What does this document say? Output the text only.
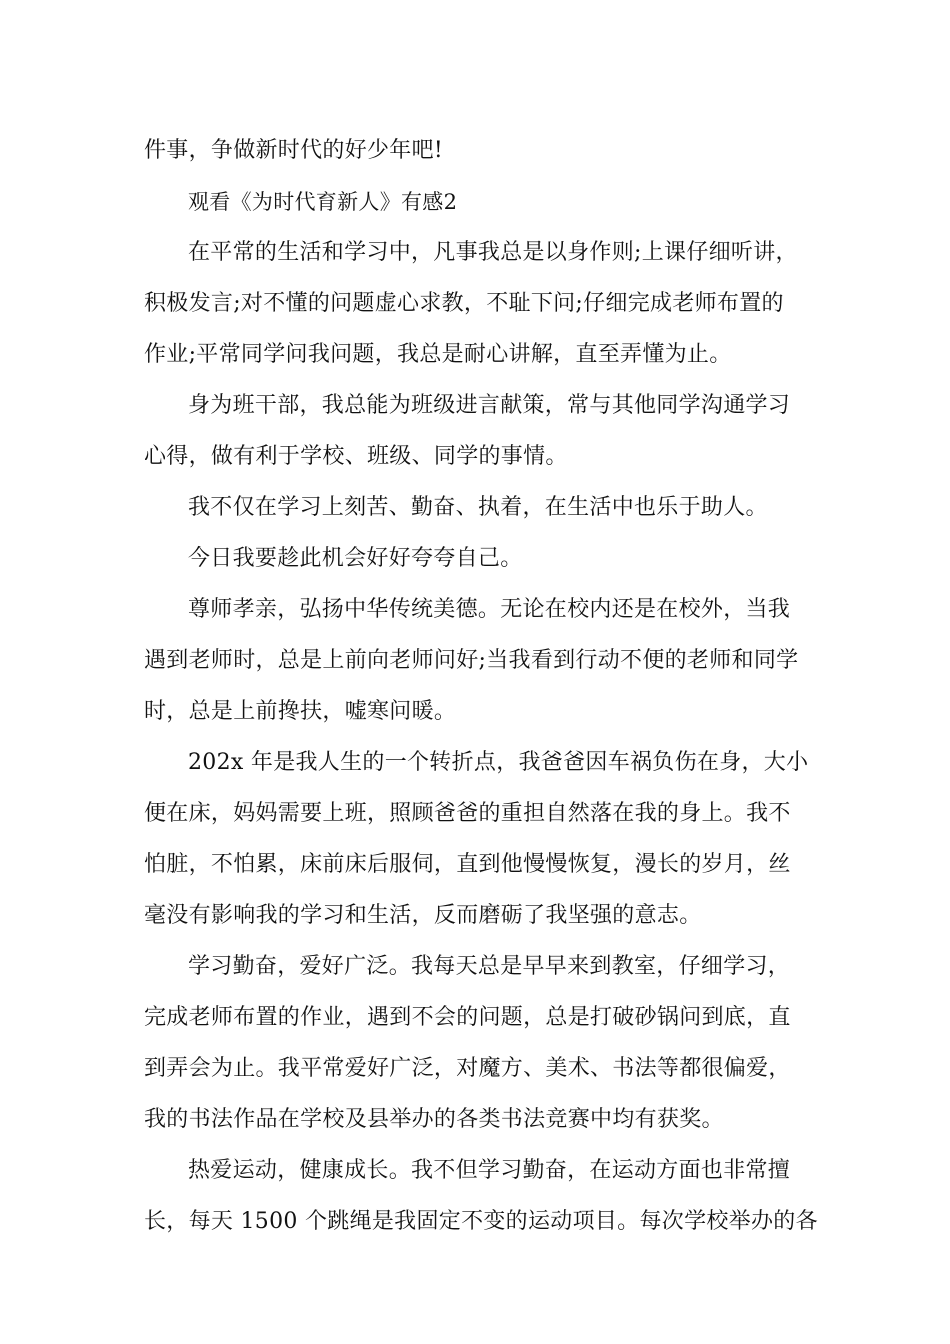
件事，争做新时代的好少年吧!
观看《为时代育新人》有感2
在平常的生活和学习中，凡事我总是以身作则;上课仔细听讲，
积极发言;对不懂的问题虚心求教，不耻下问;仔细完成老师布置的
作业;平常同学问我问题，我总是耐心讲解，直至弄懂为止。
身为班干部，我总能为班级进言献策，常与其他同学沟通学习
心得，做有利于学校、班级、同学的事情。
我不仅在学习上刻苦、勤奋、执着，在生活中也乐于助人。
今日我要趁此机会好好夸夸自己。
尊师孝亲，弘扬中华传统美德。无论在校内还是在校外，当我
遇到老师时，总是上前向老师问好;当我看到行动不便的老师和同学
时，总是上前搀扶，嘘寒问暖。
202x 年是我人生的一个转折点，我爸爸因车祸负伤在身，大小
便在床，妈妈需要上班，照顾爸爸的重担自然落在我的身上。我不
怕脏，不怕累，床前床后服伺，直到他慢慢恢复，漫长的岁月，丝
毫没有影响我的学习和生活，反而磨砺了我坚强的意志。
学习勤奋，爱好广泛。我每天总是早早来到教室，仔细学习，
完成老师布置的作业，遇到不会的问题，总是打破砂锅问到底，直
到弄会为止。我平常爱好广泛，对魔方、美术、书法等都很偏爱，
我的书法作品在学校及县举办的各类书法竞赛中均有获奖。
热爱运动，健康成长。我不但学习勤奋，在运动方面也非常擅
长，每天 1500 个跳绳是我固定不变的运动项目。每次学校举办的各
